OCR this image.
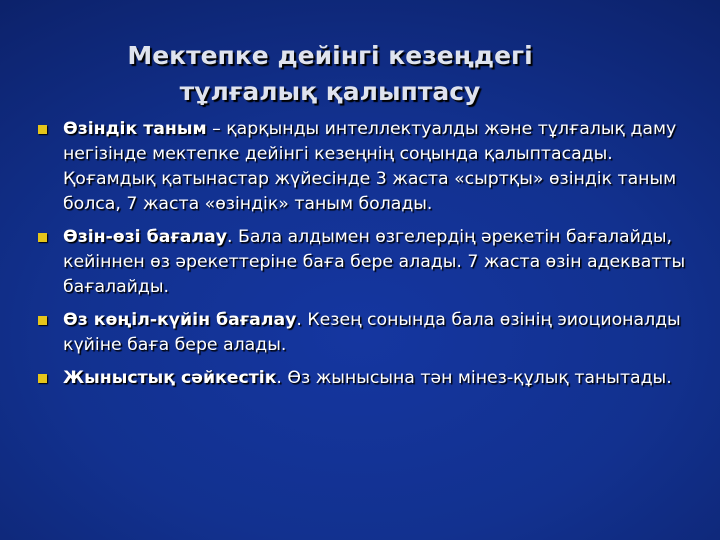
Мектепке дейінгі кезеңдегі
тұлғалық қалыптасу
Өзіндік таным – қарқынды интеллектуалды және тұлғалық даму негізінде мектепке дейінгі кезеңнің соңында қалыптасады. Қоғамдық қатынастар жүйесінде 3 жаста «сыртқы» өзіндік таным болса, 7 жаста «өзіндік» таным болады.
Өзін-өзі бағалау. Бала алдымен өзгелердің әрекетін бағалайды, кейіннен өз әрекеттеріне баға бере алады. 7 жаста өзін адекватты бағалайды.
Өз көңіл-күйін бағалау. Кезең сонында бала өзінің эиоционалды күйіне баға бере алады.
Жыныстық сәйкестік. Өз жынысына тән мінез-құлық танытады.
